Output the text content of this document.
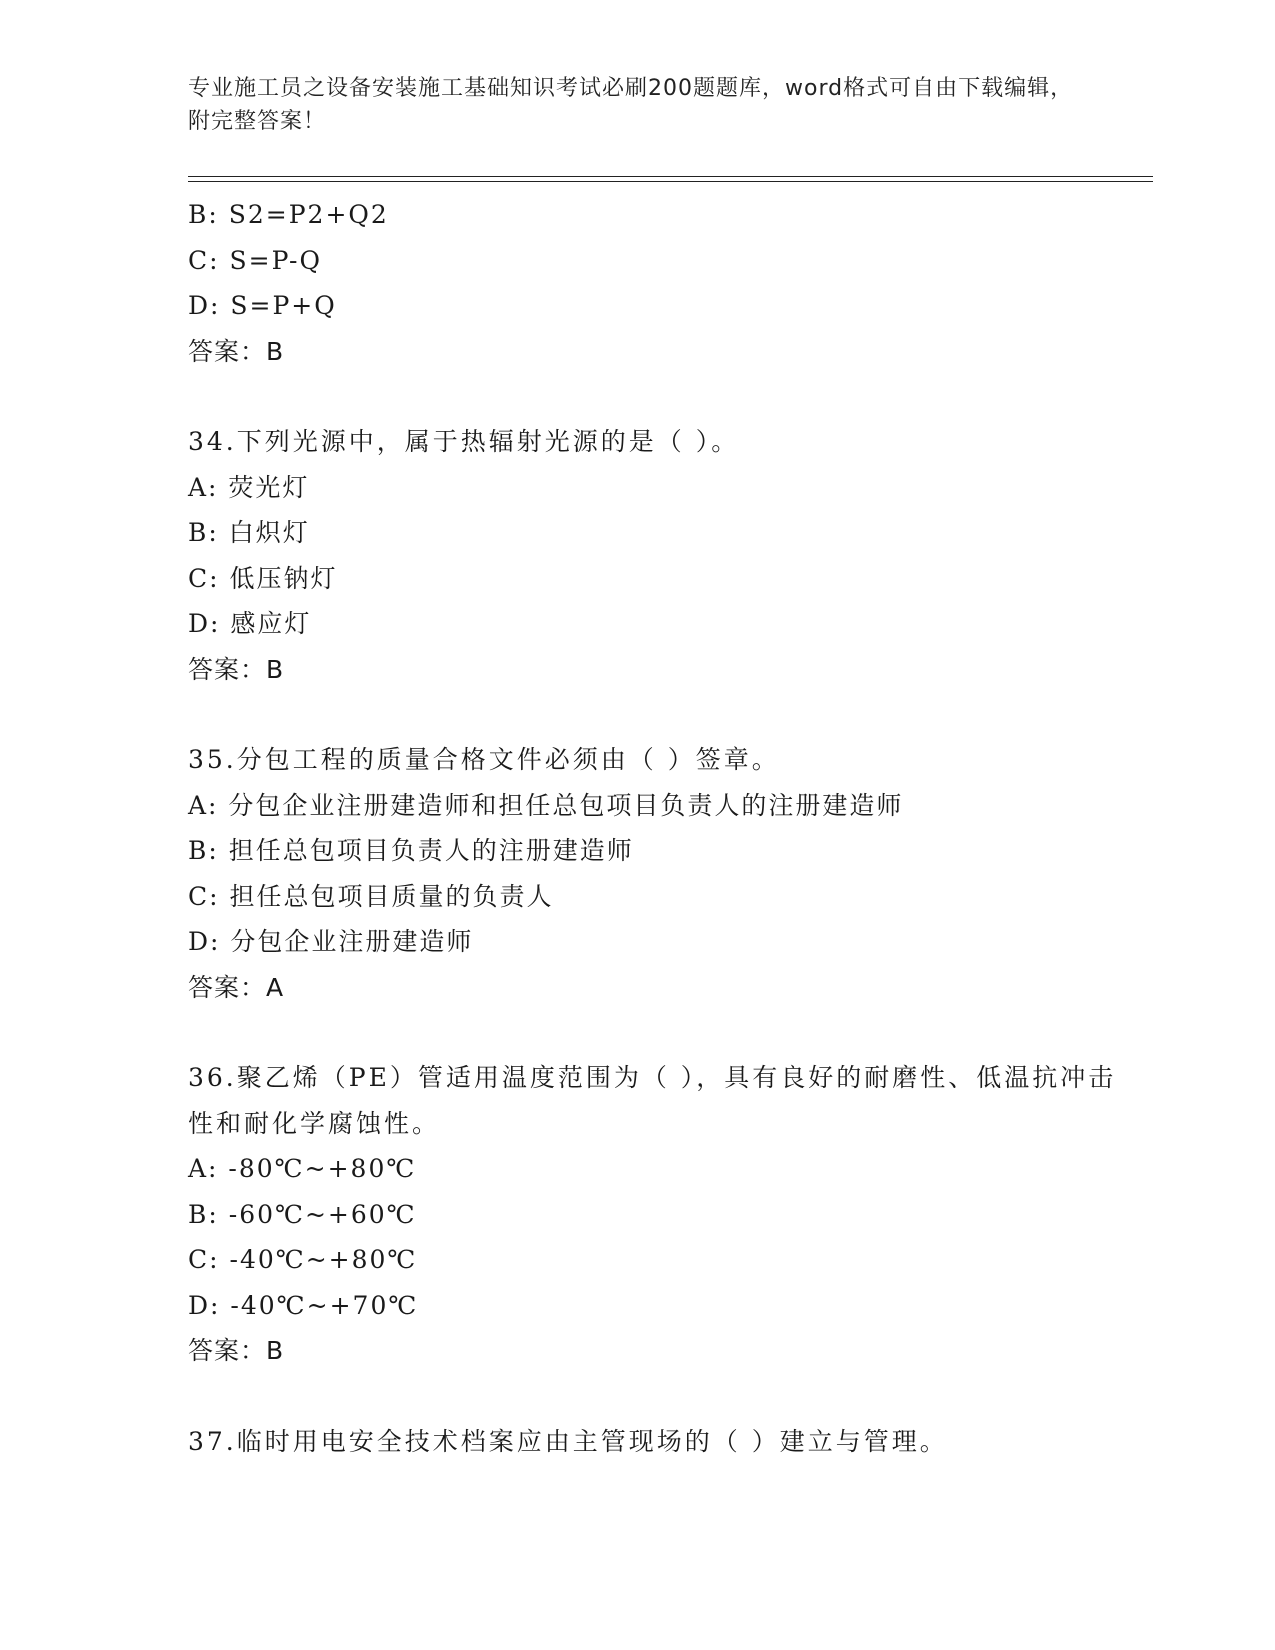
专业施工员之设备安装施工基础知识考试必刷200题题库，word格式可自由下载编辑，附完整答案！
B: S2=P2+Q2
C: S=P-Q
D: S=P+Q
答案：B
34.下列光源中，属于热辐射光源的是（ ）。
A: 荧光灯
B: 白炽灯
C: 低压钠灯
D: 感应灯
答案：B
35.分包工程的质量合格文件必须由（ ）签章。
A: 分包企业注册建造师和担任总包项目负责人的注册建造师
B: 担任总包项目负责人的注册建造师
C: 担任总包项目质量的负责人
D: 分包企业注册建造师
答案：A
36.聚乙烯（PE）管适用温度范围为（ ），具有良好的耐磨性、低温抗冲击性和耐化学腐蚀性。
A: -80℃~+80℃
B: -60℃~+60℃
C: -40℃~+80℃
D: -40℃~+70℃
答案：B
37.临时用电安全技术档案应由主管现场的（ ）建立与管理。
